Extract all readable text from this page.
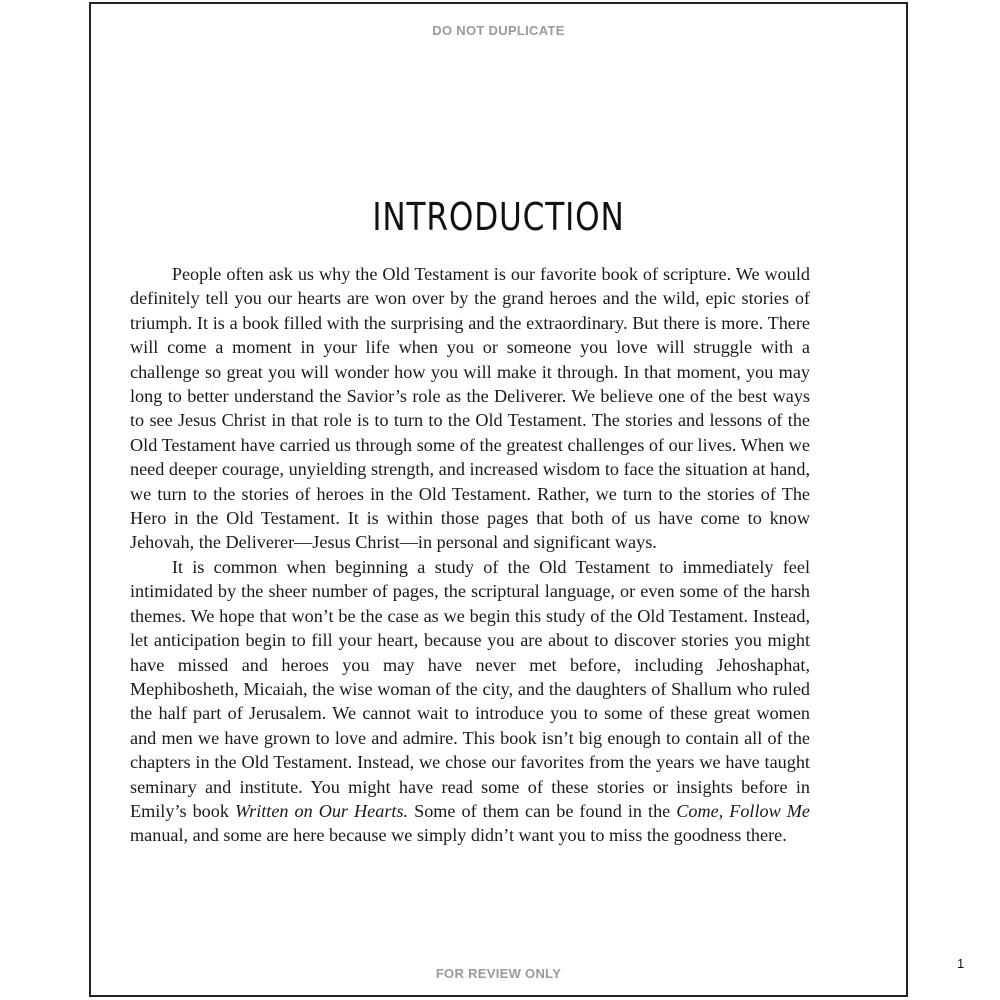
DO NOT DUPLICATE
INTRODUCTION
1
FOR REVIEW ONLY

People often ask us why the Old Testament is our favorite book of scripture. We would definitely tell you our hearts are won over by the grand heroes and the wild, epic stories of triumph. It is a book filled with the surprising and the extraordinary. But there is more. There will come a moment in your life when you or someone you love will struggle with a challenge so great you will wonder how you will make it through. In that moment, you may long to better understand the Savior’s role as the Deliverer. We believe one of the best ways to see Jesus Christ in that role is to turn to the Old Testament. The stories and lessons of the Old Testament have carried us through some of the greatest challenges of our lives. When we need deeper courage, unyielding strength, and increased wisdom to face the situation at hand, we turn to the stories of heroes in the Old Testament. Rather, we turn to the stories of The Hero in the Old Testament. It is within those pages that both of us have come to know Jehovah, the Deliverer—Jesus Christ—in personal and significant ways.

It is common when beginning a study of the Old Testament to immediately feel intimidated by the sheer number of pages, the scriptural language, or even some of the harsh themes. We hope that won’t be the case as we begin this study of the Old Testament. Instead, let anticipation begin to fill your heart, because you are about to discover stories you might have missed and heroes you may have never met before, including Jehoshaphat, Mephibosheth, Micaiah, the wise woman of the city, and the daughters of Shallum who ruled the half part of Jerusalem. We cannot wait to introduce you to some of these great women and men we have grown to love and admire. This book isn’t big enough to contain all of the chapters in the Old Testament. Instead, we chose our favorites from the years we have taught seminary and institute. You might have read some of these stories or insights before in Emily’s book Written on Our Hearts. Some of them can be found in the Come, Follow Me manual, and some are here because we simply didn’t want you to miss the goodness there.
